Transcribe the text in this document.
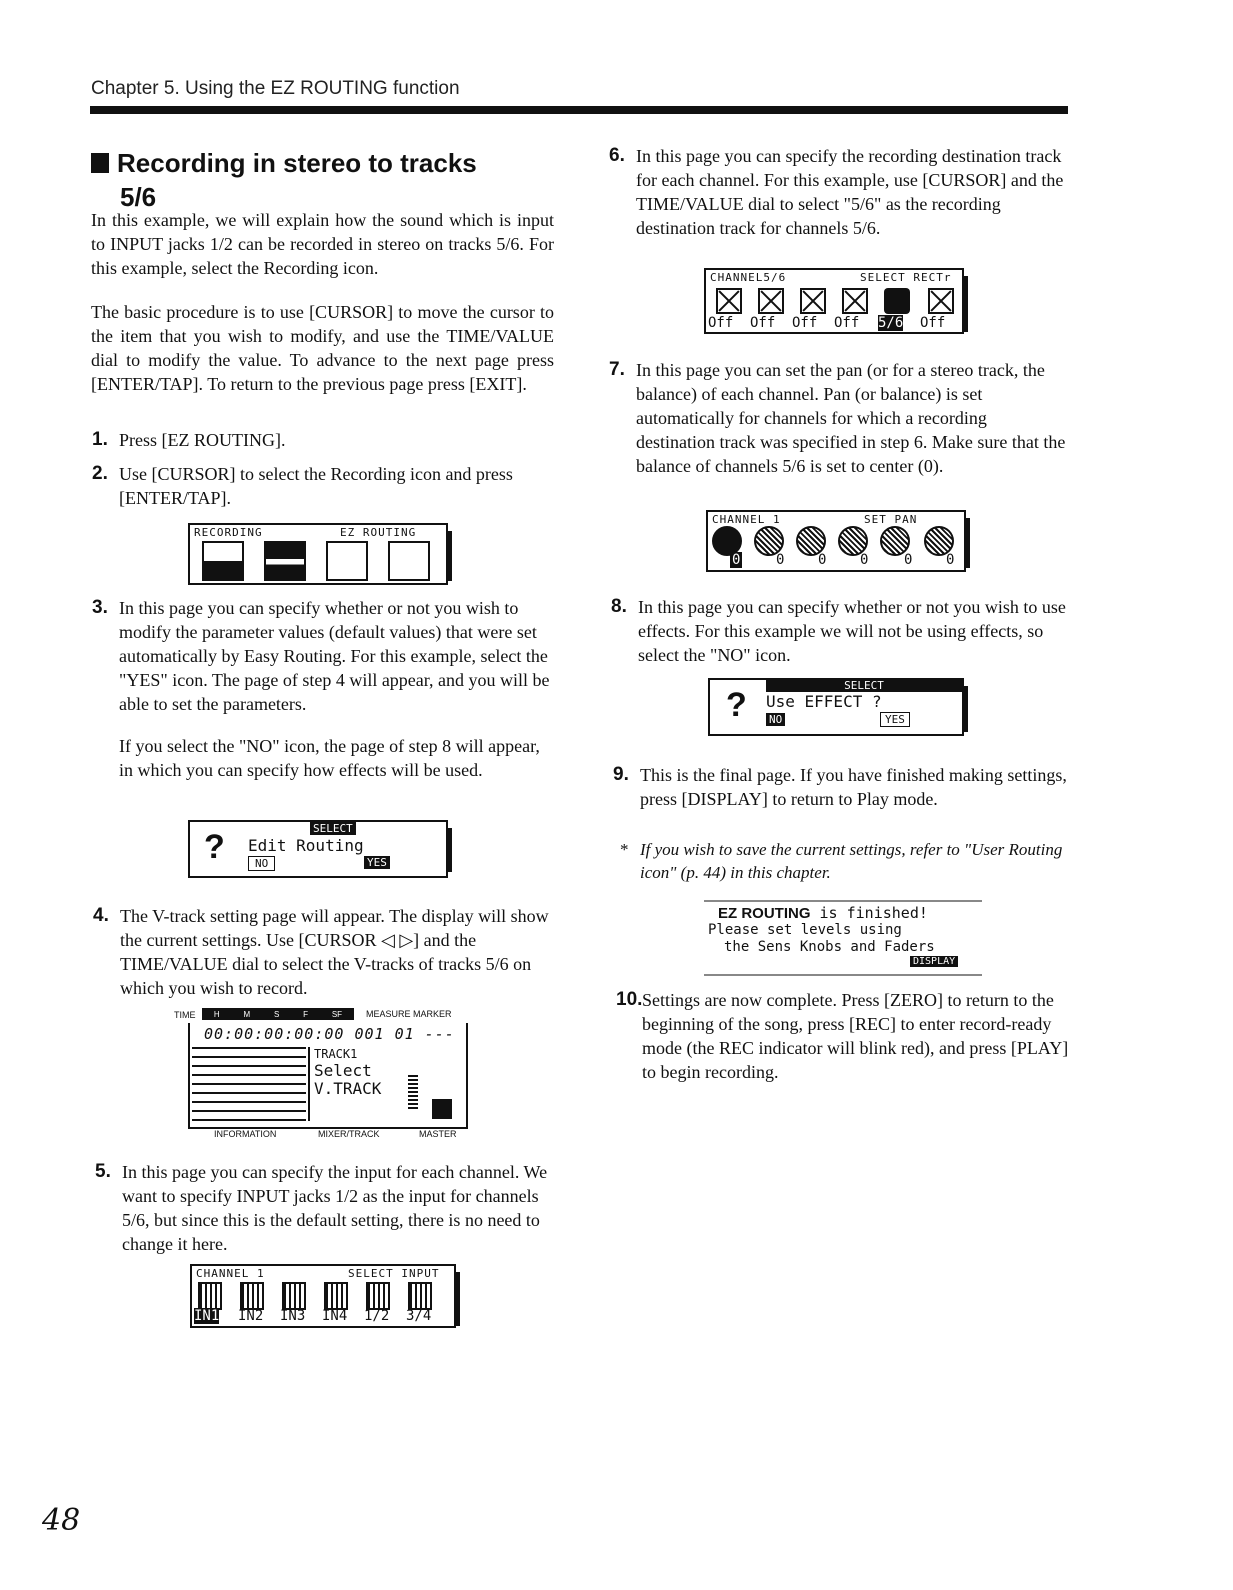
Chapter 5. Using the EZ ROUTING function
Recording in stereo to tracks
5/6
In this example, we will explain how the sound which is input to INPUT jacks 1/2 can be recorded in stereo on tracks 5/6. For this example, select the Recording icon.
The basic procedure is to use [CURSOR] to move the cursor to the item that you wish to modify, and use the TIME/VALUE dial to modify the value. To advance to the next page press [ENTER/TAP]. To return to the previous page press [EXIT].
1. Press [EZ ROUTING].
2. Use [CURSOR] to select the Recording icon and press [ENTER/TAP].
RECORDING	EZ ROUTING
3. In this page you can specify whether or not you wish to modify the parameter values (default values) that were set automatically by Easy Routing. For this example, select the "YES" icon. The page of step 4 will appear, and you will be able to set the parameters.
If you select the "NO" icon, the page of step 8 will appear, in which you can specify how effects will be used.
?	SELECT
Edit Routing
NO	YES
4. The V-track setting page will appear. The display will show the current settings. Use [CURSOR ◁ ▷] and the TIME/VALUE dial to select the V-tracks of tracks 5/6 on which you wish to record.
TIME H	M	S	F	SF	MEASURE MARKER
00:00:00:00:00 001 01 ---
TRACK1
Select
V.TRACK
INFORMATION	MIXER/TRACK	MASTER
5. In this page you can specify the input for each channel. We want to specify INPUT jacks 1/2 as the input for channels 5/6, but since this is the default setting, there is no need to change it here.
CHANNEL 1	SELECT INPUT
IN1 IN2 IN3 IN4 1/2 3/4
6. In this page you can specify the recording destination track for each channel. For this example, use [CURSOR] and the TIME/VALUE dial to select "5/6" as the recording destination track for channels 5/6.
CHANNEL5/6	SELECT RECTr
Off Off Off Off 5/6 Off
7. In this page you can set the pan (or for a stereo track, the balance) of each channel. Pan (or balance) is set automatically for channels for which a recording destination track was specified in step 6. Make sure that the balance of channels 5/6 is set to center (0).
CHANNEL 1	SET PAN
0	0 0 0	0 0
8. In this page you can specify whether or not you wish to use effects. For this example we will not be using effects, so select the "NO" icon.
?
SELECT
Use EFFECT ?
NO	YES
9. This is the final page. If you have finished making settings, press [DISPLAY] to return to Play mode.
* If you wish to save the current settings, refer to "User Routing icon" (p. 44) in this chapter.
EZ ROUTING is finished!
Please set levels using
the Sens Knobs and Faders
DISPLAY
10. Settings are now complete. Press [ZERO] to return to the beginning of the song, press [REC] to enter record-ready mode (the REC indicator will blink red), and press [PLAY] to begin recording.
48
